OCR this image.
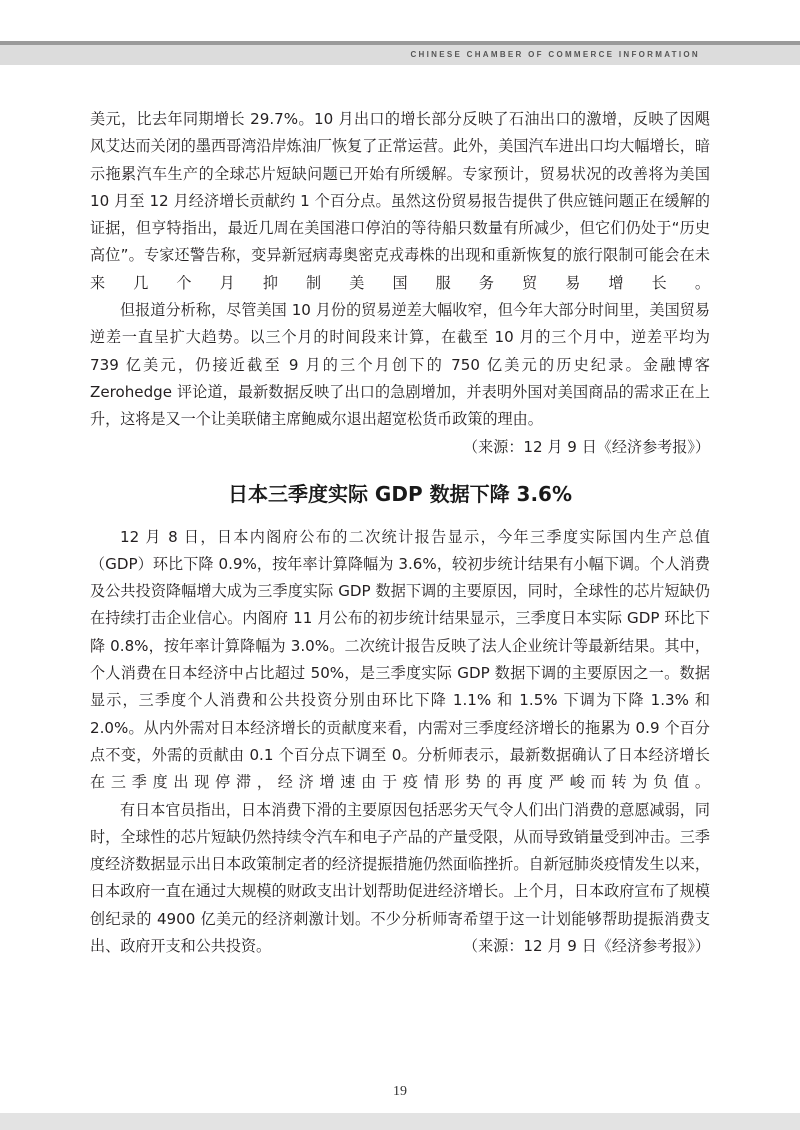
CHINESE CHAMBER OF COMMERCE INFORMATION

美元，比去年同期增长 29.7%。10 月出口的增长部分反映了石油出口的激增，反映了因飓风艾达而关闭的墨西哥湾沿岸炼油厂恢复了正常运营。此外，美国汽车进出口均大幅增长，暗示拖累汽车生产的全球芯片短缺问题已开始有所缓解。专家预计，贸易状况的改善将为美国 10 月至 12 月经济增长贡献约 1 个百分点。虽然这份贸易报告提供了供应链问题正在缓解的证据，但亨特指出，最近几周在美国港口停泊的等待船只数量有所减少，但它们仍处于“历史高位”。专家还警告称，变异新冠病毒奥密克戎毒株的出现和重新恢复的旅行限制可能会在未来几个月抑制美国服务贸易增长。

但报道分析称，尽管美国 10 月份的贸易逆差大幅收窄，但今年大部分时间里，美国贸易逆差一直呈扩大趋势。以三个月的时间段来计算，在截至 10 月的三个月中，逆差平均为 739 亿美元，仍接近截至 9 月的三个月创下的 750 亿美元的历史纪录。金融博客 Zerohedge 评论道，最新数据反映了出口的急剧增加，并表明外国对美国商品的需求正在上升，这将是又一个让美联储主席鲍威尔退出超宽松货币政策的理由。
（来源：12 月 9 日《经济参考报》）

日本三季度实际 GDP 数据下降 3.6%

12 月 8 日，日本内阁府公布的二次统计报告显示，今年三季度实际国内生产总值（GDP）环比下降 0.9%，按年率计算降幅为 3.6%，较初步统计结果有小幅下调。个人消费及公共投资降幅增大成为三季度实际 GDP 数据下调的主要原因，同时，全球性的芯片短缺仍在持续打击企业信心。内阁府 11 月公布的初步统计结果显示，三季度日本实际 GDP 环比下降 0.8%，按年率计算降幅为 3.0%。二次统计报告反映了法人企业统计等最新结果。其中，个人消费在日本经济中占比超过 50%，是三季度实际 GDP 数据下调的主要原因之一。数据显示，三季度个人消费和公共投资分别由环比下降 1.1% 和 1.5% 下调为下降 1.3% 和 2.0%。从内外需对日本经济增长的贡献度来看，内需对三季度经济增长的拖累为 0.9 个百分点不变，外需的贡献由 0.1 个百分点下调至 0。分析师表示，最新数据确认了日本经济增长在三季度出现停滞，经济增速由于疫情形势的再度严峻而转为负值。

有日本官员指出，日本消费下滑的主要原因包括恶劣天气令人们出门消费的意愿减弱，同时，全球性的芯片短缺仍然持续令汽车和电子产品的产量受限，从而导致销量受到冲击。三季度经济数据显示出日本政策制定者的经济提振措施仍然面临挫折。自新冠肺炎疫情发生以来，日本政府一直在通过大规模的财政支出计划帮助促进经济增长。上个月，日本政府宣布了规模创纪录的 4900 亿美元的经济刺激计划。不少分析师寄希望于这一计划能够帮助提振消费支出、政府开支和公共投资。	（来源：12 月 9 日《经济参考报》）

19
